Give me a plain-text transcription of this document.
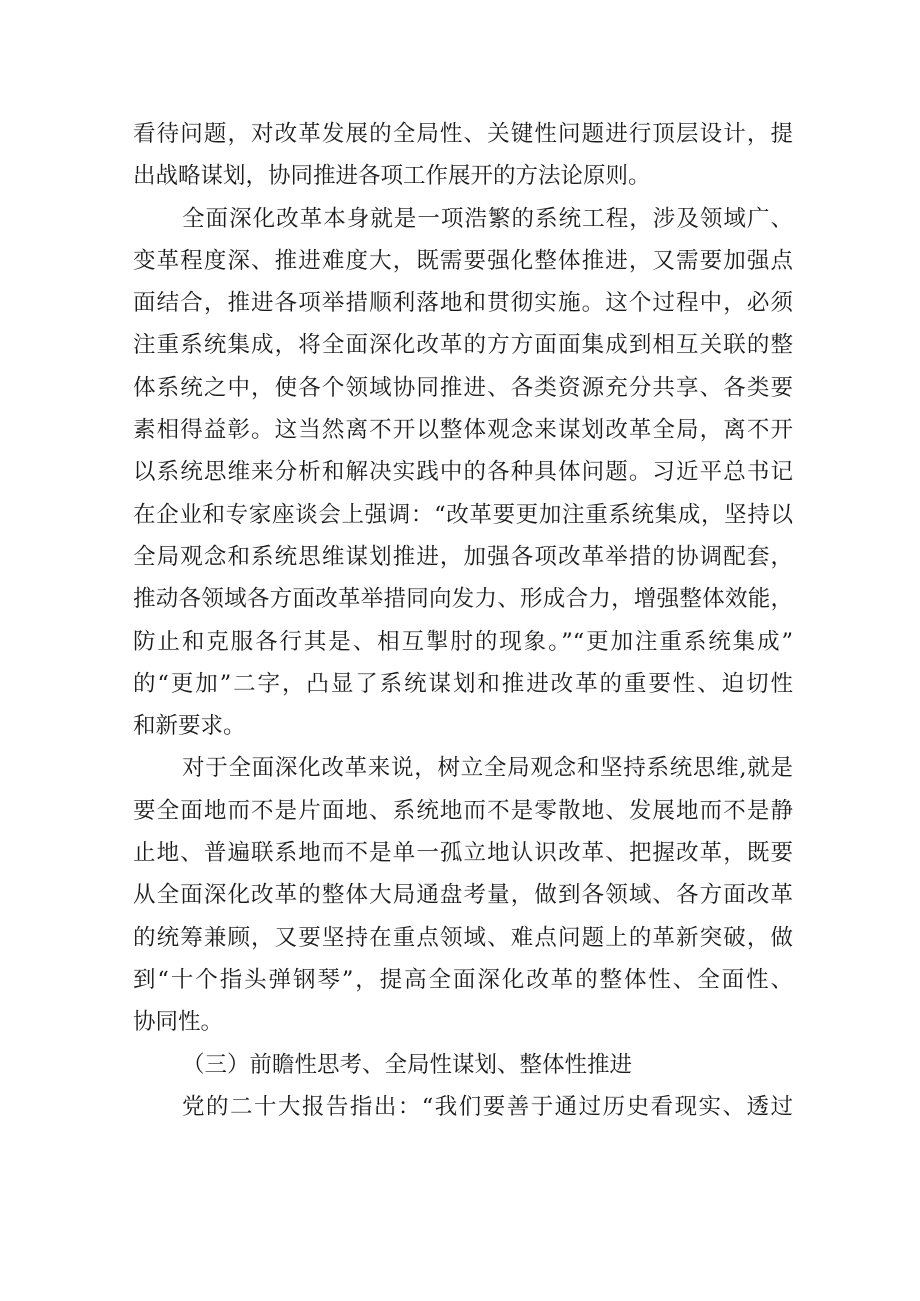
看待问题，对改革发展的全局性、关键性问题进行顶层设计，提
出战略谋划，协同推进各项工作展开的方法论原则。
全面深化改革本身就是一项浩繁的系统工程，涉及领域广、
变革程度深、推进难度大，既需要强化整体推进，又需要加强点
面结合，推进各项举措顺利落地和贯彻实施。这个过程中，必须
注重系统集成，将全面深化改革的方方面面集成到相互关联的整
体系统之中，使各个领域协同推进、各类资源充分共享、各类要
素相得益彰。这当然离不开以整体观念来谋划改革全局，离不开
以系统思维来分析和解决实践中的各种具体问题。习近平总书记
在企业和专家座谈会上强调：“改革要更加注重系统集成，坚持以
全局观念和系统思维谋划推进，加强各项改革举措的协调配套，
推动各领域各方面改革举措同向发力、形成合力，增强整体效能，
防止和克服各行其是、相互掣肘的现象。”“更加注重系统集成”
的“更加”二字，凸显了系统谋划和推进改革的重要性、迫切性
和新要求。
对于全面深化改革来说，树立全局观念和坚持系统思维,就是
要全面地而不是片面地、系统地而不是零散地、发展地而不是静
止地、普遍联系地而不是单一孤立地认识改革、把握改革，既要
从全面深化改革的整体大局通盘考量，做到各领域、各方面改革
的统筹兼顾，又要坚持在重点领域、难点问题上的革新突破，做
到“十个指头弹钢琴”，提高全面深化改革的整体性、全面性、
协同性。
（三）前瞻性思考、全局性谋划、整体性推进
党的二十大报告指出：“我们要善于通过历史看现实、透过
